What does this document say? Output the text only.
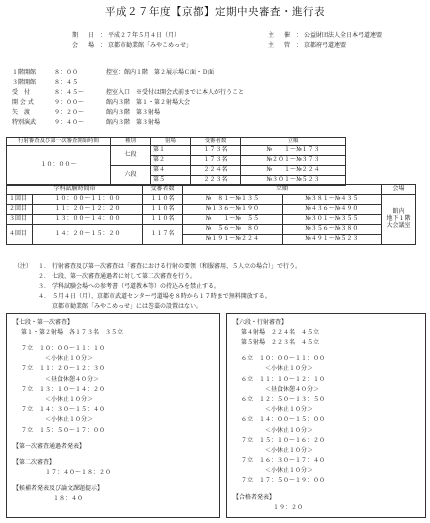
平成２７年度【京都】定期中央審査・進行表
期　日 ： 平成２７年５月４日（月）
会　場 ： 京都市勧業館「みやこめっせ」
主　催 ： 公益財団法人全日本弓道連盟
主　管 ： 京都府弓道連盟
１階開館	８：００	控室：館内１階　第２展示場Ｃ面・Ｄ面
３階開館	８：４５
受　付	８：４５～	控室入口　※受付は開会式前までに本人が行うこと
開 会 式	９：００～	館内３階　第１・第２射場大会
矢　渡	９：２０～	館内３階　第３射場
特別演武	９：４０～	館内３階　第３射場
行射審査及び第一次審査開始時間	種別	射場	受審者数	立順
１０：００～	七段	第１	１７３名	№　　１～№１７３
		第２	１７３名	№２０１～№３７３
	六段	第４	２２４名	№　　１～№２２４
		第５	２２３名	№３０１～№５２３
学科試験時間帯		受審者数	立順		会場
１回目	１０：００～１１：００	１１０名	№　８１～№１３５	№３８１～№４３５	館内
地下１階
大会議室

２回目	１１：２０～１２：２０	１１０名	№１３６～№１９０	№４３６～№４９０	
３回目	１３：００～１４：００	１１０名	№　　１～№　５５	№３０１～№３５５	
４回目	１４：２０～１５：２０	１１７名	№　５６～№　８０	№３５６～№３８０	
			№１９１～№２２４	№４９１～№５２３	
（注） １． 行射審査及び第一次審査は「審査における行射の要領（和服審用、５人立の場合）」で行う。
２． 七段、第一次審査通過者に対して第二次審査を行う。
３． 学科試験会場への参考書（弓道教本等）の持込みを禁止する。
４． ５月４日（月）、京都市武道センター弓道場を８時から１７時まで無料開放する。
京都市勧業館「みやこめっせ」には巻藁の設置はない。
【七段・第一次審査】
第１・第２射場　各１７３名　３５立
７立　１０：００～１１：１０
＜小休止１０分＞
７立　１１：２０～１２：３０
＜昼食休憩４０分＞
７立　１３：１０～１４：２０
＜小休止１０分＞
７立　１４：３０～１５：４０
＜小休止１０分＞
７立　１５：５０～１７：００
【第一次審査通過者発表】
【第二次審査】
１７：４０～１８：２０
【候補者発表及び論文課題提示】
１８：４０
【六段・行射審査】
第４射場　２２４名　４５立
第５射場　２２３名　４５立
６立　１０：００～１１：００
＜小休止１０分＞
６立　１１：１０～１２：１０
＜昼食休憩４０分＞
６立　１２：５０～１３：５０
＜小休止１０分＞
６立　１４：００～１５：００
＜小休止１０分＞
７立　１５：１０～１６：２０
＜小休止１０分＞
７立　１６：３０～１７：４０
＜小休止１０分＞
７立　１７：５０～１９：００
【合格者発表】
１９：２０
